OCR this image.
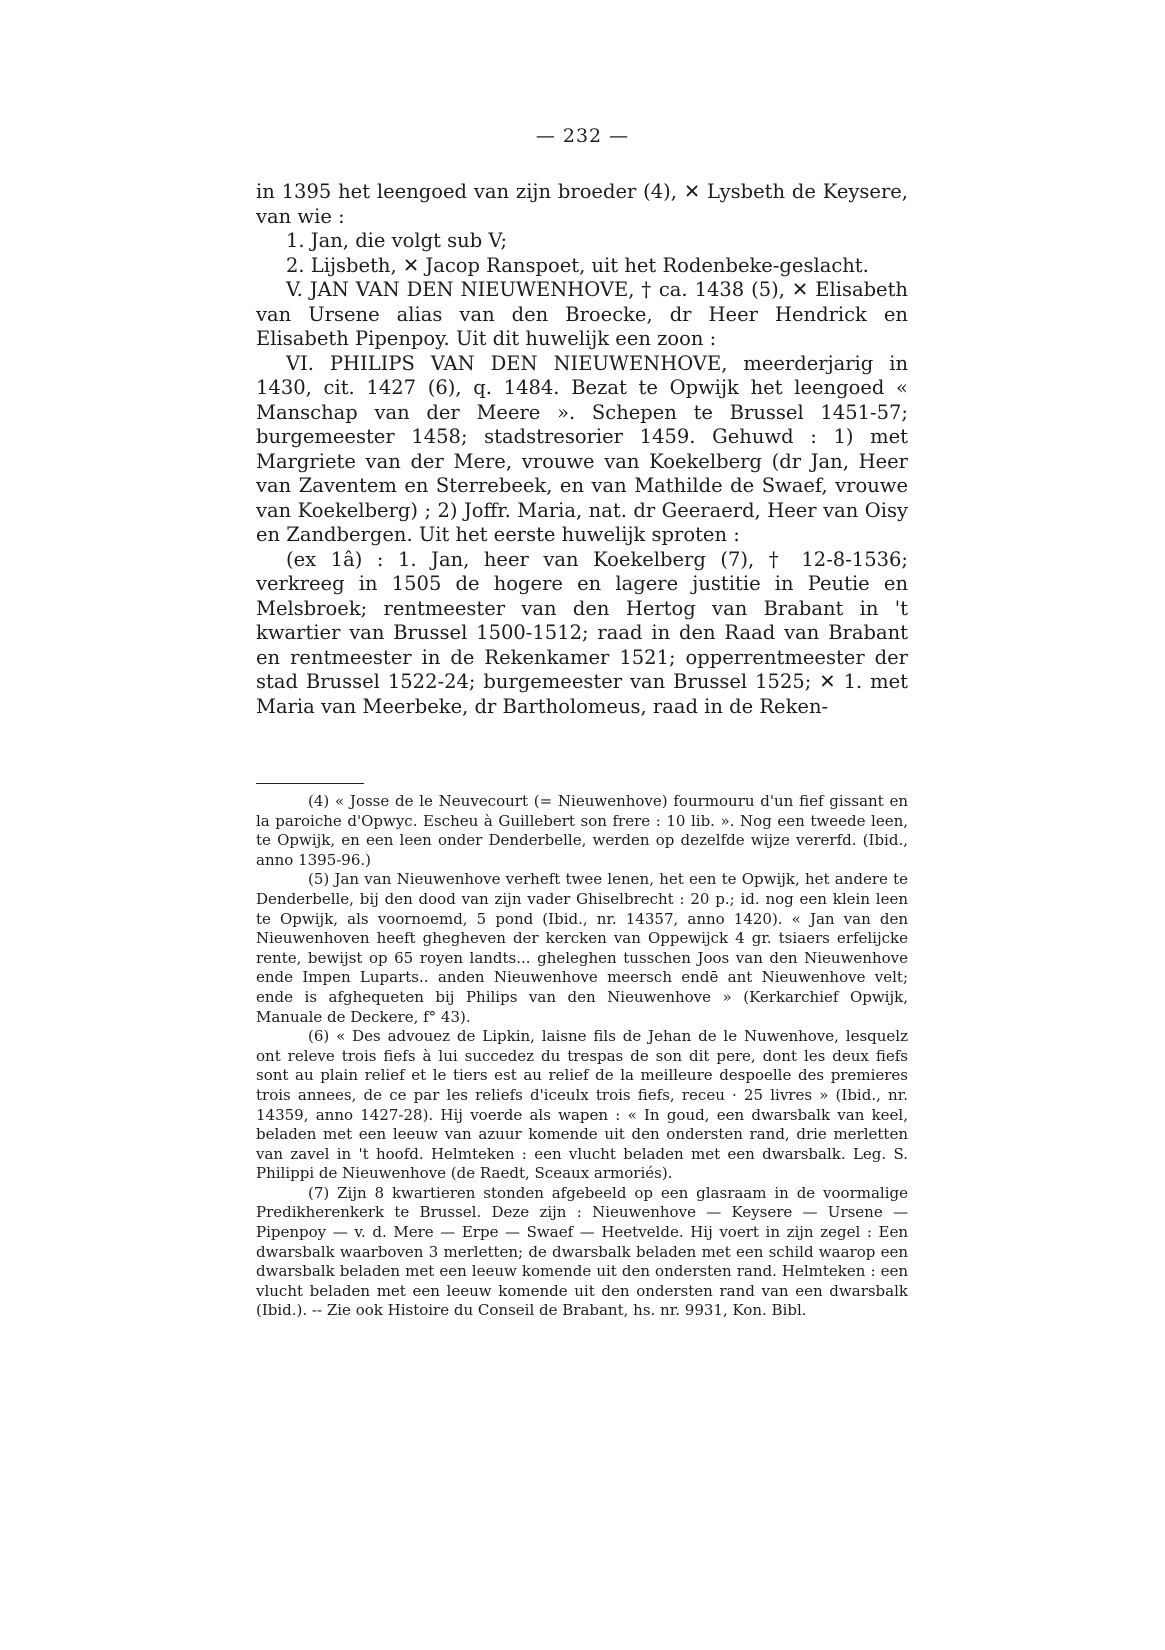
— 232 —

in 1395 het leengoed van zijn broeder (4), ✕ Lysbeth de Keysere, van wie :

1. Jan, die volgt sub V;

2. Lijsbeth, ✕ Jacop Ranspoet, uit het Rodenbeke-geslacht.

V. JAN VAN DEN NIEUWENHOVE, † ca. 1438 (5), ✕ Elisabeth van Ursene alias van den Broecke, dr Heer Hendrick en Elisabeth Pipenpoy. Uit dit huwelijk een zoon :

VI. PHILIPS VAN DEN NIEUWENHOVE, meerderjarig in 1430, cit. 1427 (6), q. 1484. Bezat te Opwijk het leengoed « Manschap van der Meere ». Schepen te Brussel 1451-57; burgemeester 1458; stadstresorier 1459. Gehuwd : 1) met Margriete van der Mere, vrouwe van Koekelberg (dr Jan, Heer van Zaventem en Sterrebeek, en van Mathilde de Swaef, vrouwe van Koekelberg) ; 2) Joffr. Maria, nat. dr Geeraerd, Heer van Oisy en Zandbergen. Uit het eerste huwelijk sproten :

(ex 1â) : 1. Jan, heer van Koekelberg (7), † 12-8-1536; verkreeg in 1505 de hogere en lagere justitie in Peutie en Melsbroek; rentmeester van den Hertog van Brabant in 't kwartier van Brussel 1500-1512; raad in den Raad van Brabant en rentmeester in de Rekenkamer 1521; opperrentmeester der stad Brussel 1522-24; burgemeester van Brussel 1525; ✕ 1. met Maria van Meerbeke, dr Bartholomeus, raad in de Reken-

(4) « Josse de le Neuvecourt (= Nieuwenhove) fourmouru d'un fief gissant en la paroiche d'Opwyc. Escheu à Guillebert son frere : 10 lib. ». Nog een tweede leen, te Opwijk, en een leen onder Denderbelle, werden op dezelfde wijze vererfd. (Ibid., anno 1395-96.)

(5) Jan van Nieuwenhove verheft twee lenen, het een te Opwijk, het andere te Denderbelle, bij den dood van zijn vader Ghiselbrecht : 20 p.; id. nog een klein leen te Opwijk, als voornoemd, 5 pond (Ibid., nr. 14357, anno 1420). « Jan van den Nieuwenhoven heeft ghegheven der kercken van Oppewijck 4 gr. tsiaers erfelijcke rente, bewijst op 65 royen landts... gheleghen tusschen Joos van den Nieuwenhove ende Impen Luparts.. anden Nieuwenhove meersch endē ant Nieuwenhove velt; ende is afghequeten bij Philips van den Nieuwenhove » (Kerkarchief Opwijk, Manuale de Deckere, f° 43).

(6) « Des advouez de Lipkin, laisne fils de Jehan de le Nuwenhove, lesquelz ont releve trois fiefs à lui succedez du trespas de son dit pere, dont les deux fiefs sont au plain relief et le tiers est au relief de la meilleure despoelle des premieres trois annees, de ce par les reliefs d'iceulx trois fiefs, receu · 25 livres » (Ibid., nr. 14359, anno 1427-28). Hij voerde als wapen : « In goud, een dwarsbalk van keel, beladen met een leeuw van azuur komende uit den ondersten rand, drie merletten van zavel in 't hoofd. Helmteken : een vlucht beladen met een dwarsbalk. Leg. S. Philippi de Nieuwenhove (de Raedt, Sceaux armoriés).

(7) Zijn 8 kwartieren stonden afgebeeld op een glasraam in de voormalige Predikherenkerk te Brussel. Deze zijn : Nieuwenhove — Keysere — Ursene — Pipenpoy — v. d. Mere — Erpe — Swaef — Heetvelde. Hij voert in zijn zegel : Een dwarsbalk waarboven 3 merletten; de dwarsbalk beladen met een schild waarop een dwarsbalk beladen met een leeuw komende uit den ondersten rand. Helmteken : een vlucht beladen met een leeuw komende uit den ondersten rand van een dwarsbalk (Ibid.). -- Zie ook Histoire du Conseil de Brabant, hs. nr. 9931, Kon. Bibl.
